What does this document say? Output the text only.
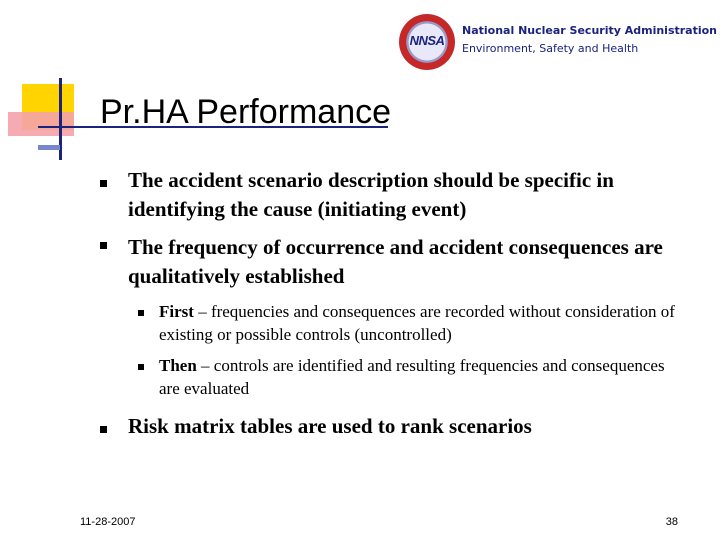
NNSA
National Nuclear Security Administration
Environment, Safety and Health
Pr.HA Performance
The accident scenario description should be specific in identifying the cause (initiating event)
The frequency of occurrence and accident consequences are qualitatively established
First – frequencies and consequences are recorded without consideration of existing or possible controls (uncontrolled)
Then – controls are identified and resulting frequencies and consequences are evaluated
Risk matrix tables are used to rank scenarios
11-28-2007	38
